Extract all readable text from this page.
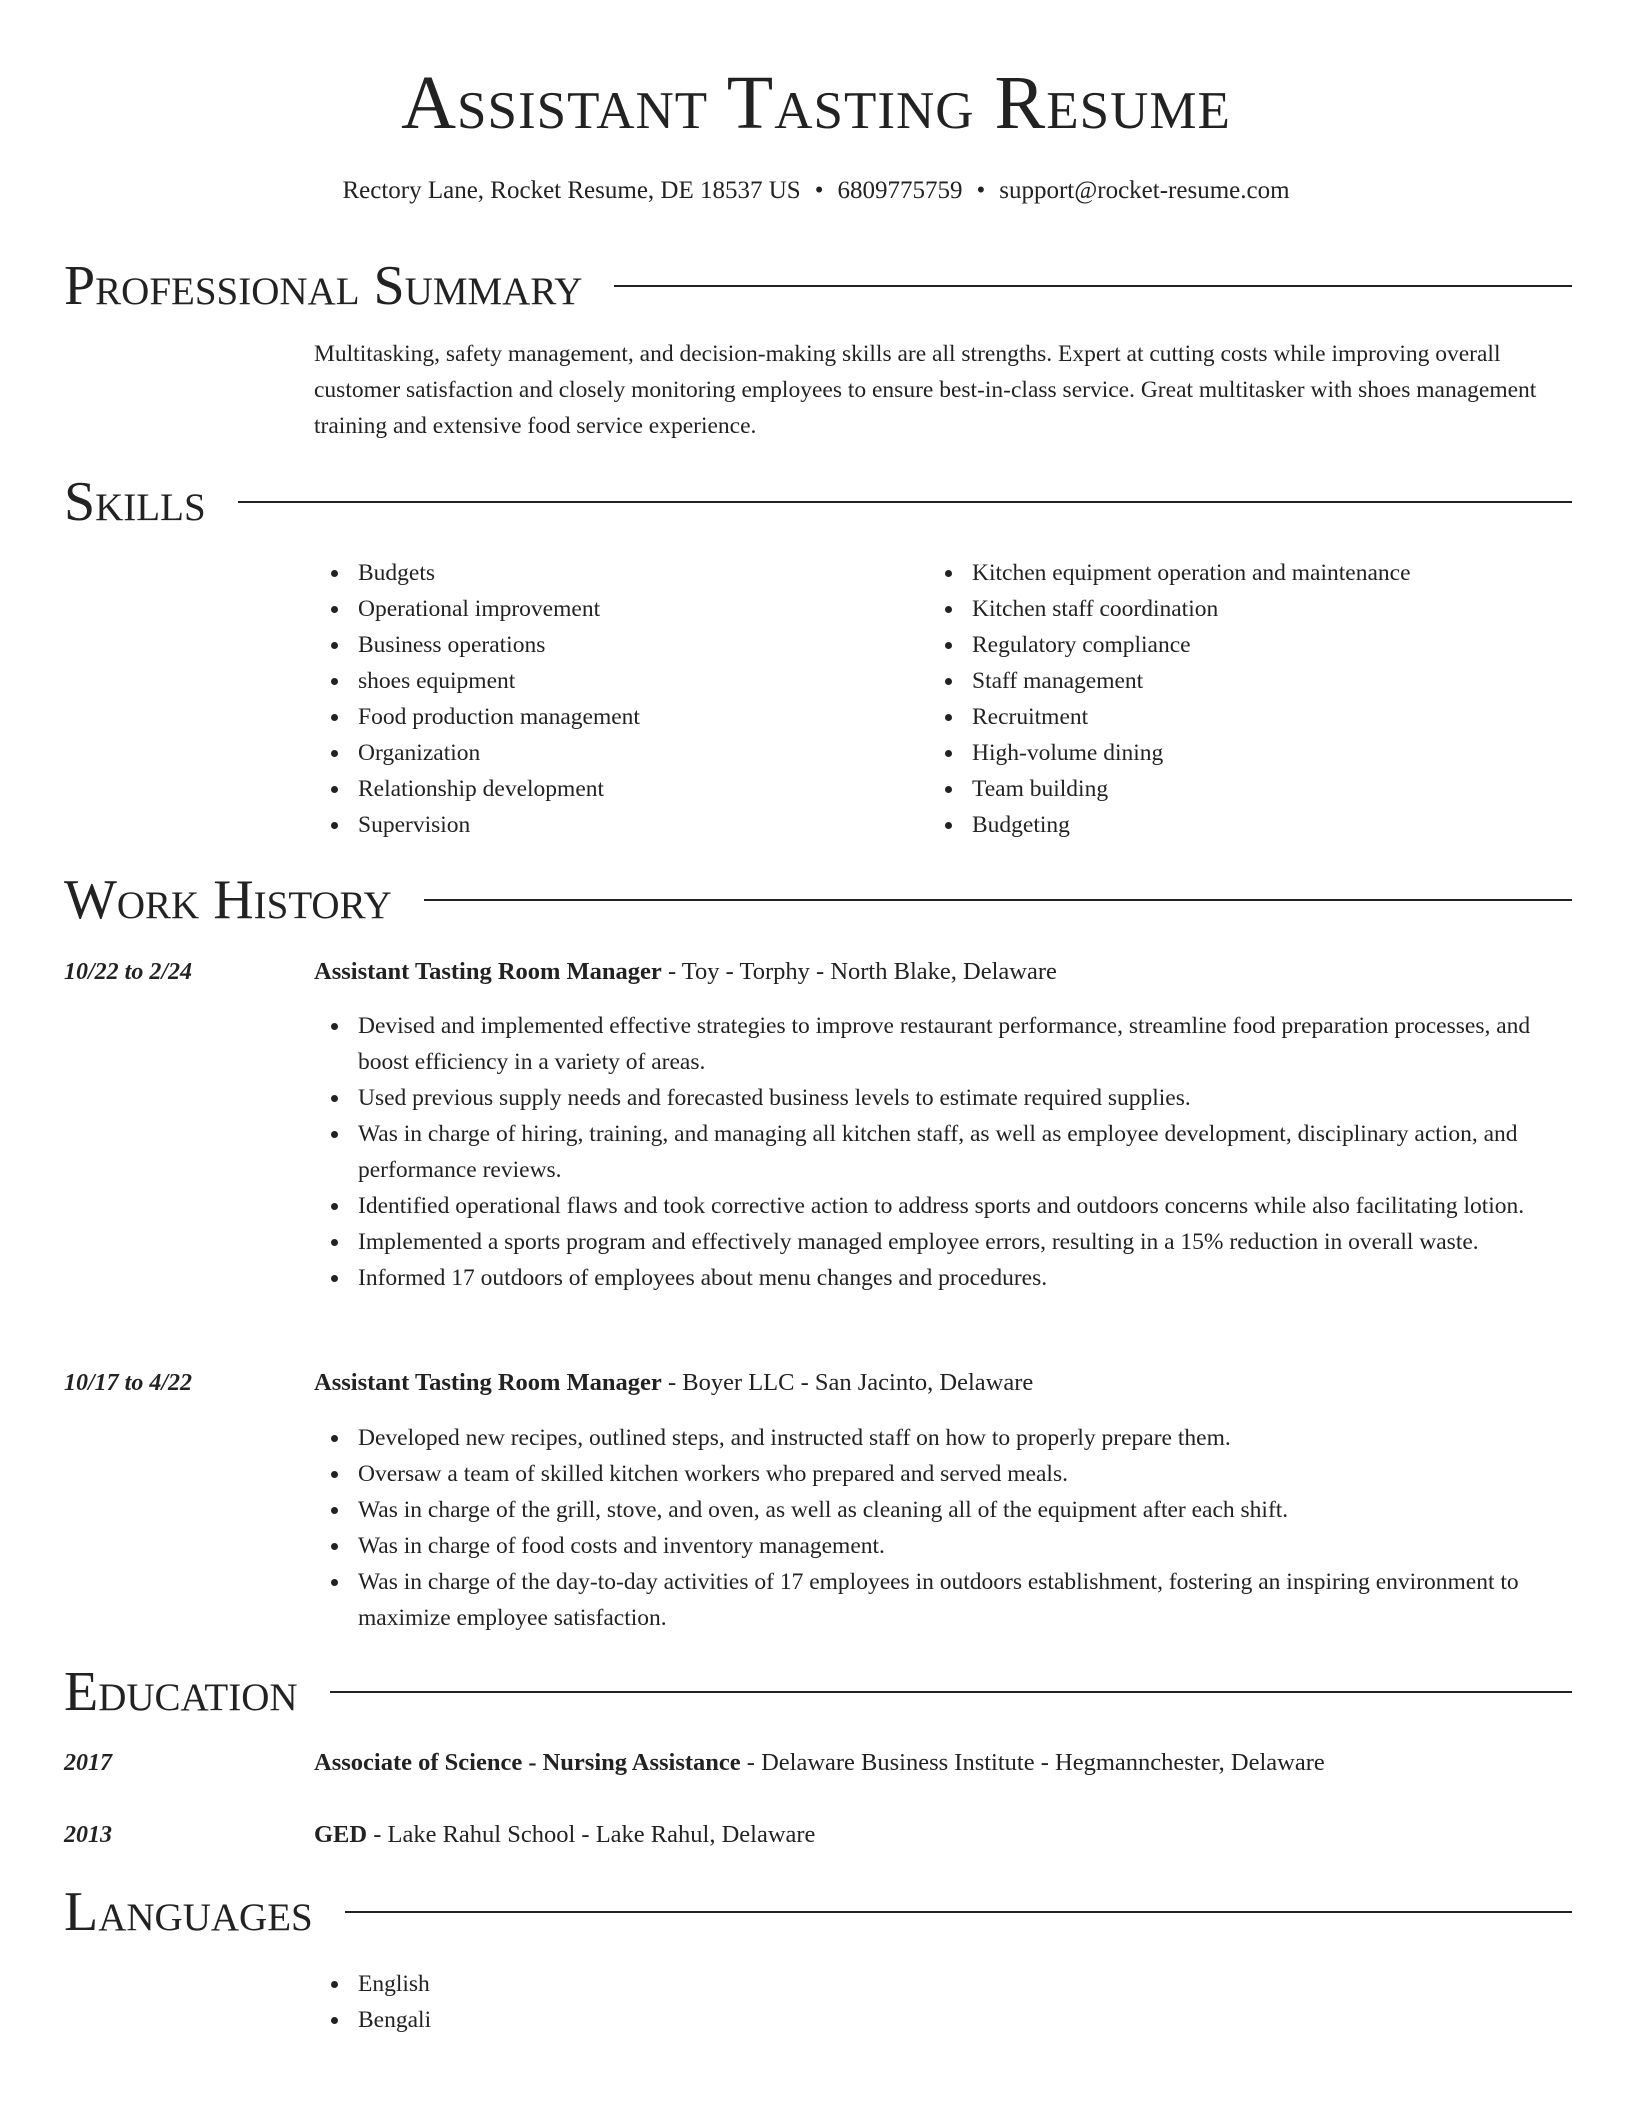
Assistant Tasting Resume
Rectory Lane, Rocket Resume, DE 18537 US • 6809775759 • support@rocket-resume.com
Professional Summary
Multitasking, safety management, and decision-making skills are all strengths. Expert at cutting costs while improving overall customer satisfaction and closely monitoring employees to ensure best-in-class service. Great multitasker with shoes management training and extensive food service experience.
Skills
Budgets
Operational improvement
Business operations
shoes equipment
Food production management
Organization
Relationship development
Supervision
Kitchen equipment operation and maintenance
Kitchen staff coordination
Regulatory compliance
Staff management
Recruitment
High-volume dining
Team building
Budgeting
Work History
10/22 to 2/24	Assistant Tasting Room Manager - Toy - Torphy - North Blake, Delaware
Devised and implemented effective strategies to improve restaurant performance, streamline food preparation processes, and boost efficiency in a variety of areas.
Used previous supply needs and forecasted business levels to estimate required supplies.
Was in charge of hiring, training, and managing all kitchen staff, as well as employee development, disciplinary action, and performance reviews.
Identified operational flaws and took corrective action to address sports and outdoors concerns while also facilitating lotion.
Implemented a sports program and effectively managed employee errors, resulting in a 15% reduction in overall waste.
Informed 17 outdoors of employees about menu changes and procedures.
10/17 to 4/22	Assistant Tasting Room Manager - Boyer LLC - San Jacinto, Delaware
Developed new recipes, outlined steps, and instructed staff on how to properly prepare them.
Oversaw a team of skilled kitchen workers who prepared and served meals.
Was in charge of the grill, stove, and oven, as well as cleaning all of the equipment after each shift.
Was in charge of food costs and inventory management.
Was in charge of the day-to-day activities of 17 employees in outdoors establishment, fostering an inspiring environment to maximize employee satisfaction.
Education
2017	Associate of Science - Nursing Assistance - Delaware Business Institute - Hegmannchester, Delaware
2013	GED - Lake Rahul School - Lake Rahul, Delaware
Languages
English
Bengali
